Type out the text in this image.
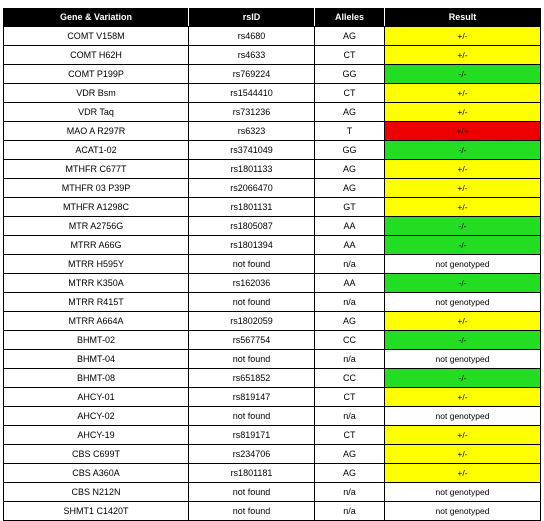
Gene & Variation	rsID	Alleles	Result
COMT V158M	rs4680	AG	+/-
COMT H62H	rs4633	CT	+/-
COMT P199P	rs769224	GG	-/-
VDR Bsm	rs1544410	CT	+/-
VDR Taq	rs731236	AG	+/-
MAO A R297R	rs6323	T	+/+
ACAT1-02	rs3741049	GG	-/-
MTHFR C677T	rs1801133	AG	+/-
MTHFR 03 P39P	rs2066470	AG	+/-
MTHFR A1298C	rs1801131	GT	+/-
MTR A2756G	rs1805087	AA	-/-
MTRR A66G	rs1801394	AA	-/-
MTRR H595Y	not found	n/a	not genotyped
MTRR K350A	rs162036	AA	-/-
MTRR R415T	not found	n/a	not genotyped
MTRR A664A	rs1802059	AG	+/-
BHMT-02	rs567754	CC	-/-
BHMT-04	not found	n/a	not genotyped
BHMT-08	rs651852	CC	-/-
AHCY-01	rs819147	CT	+/-
AHCY-02	not found	n/a	not genotyped
AHCY-19	rs819171	CT	+/-
CBS C699T	rs234706	AG	+/-
CBS A360A	rs1801181	AG	+/-
CBS N212N	not found	n/a	not genotyped
SHMT1 C1420T	not found	n/a	not genotyped
